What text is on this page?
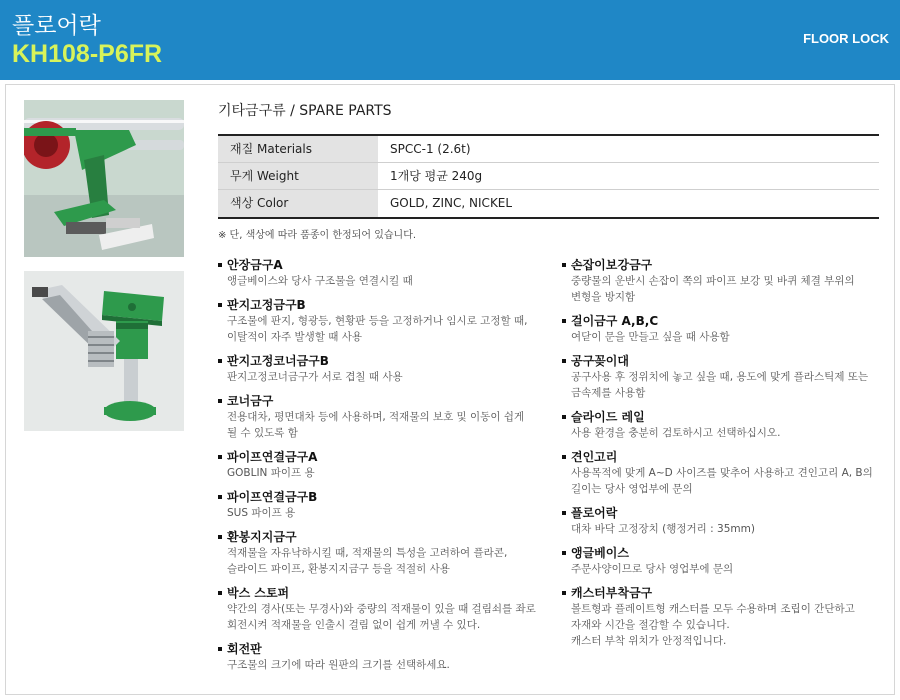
플로어락
KH108-P6FR
FLOOR LOCK
기타금구류 / SPARE PARTS
재질 Materials	SPCC-1 (2.6t)
무게 Weight	1개당 평균 240g
색상 Color	GOLD, ZINC, NICKEL
※ 단, 색상에 따라 품종이 한정되어 있습니다.
안장금구A
앵글베이스와 당사 구조물을 연결시킬 때
판지고정금구B
구조물에 판지, 형광등, 현황판 등을 고정하거나 임시로 고정할 때,
이탈적이 자주 발생할 때 사용
판지고정코너금구B
판지고정코너금구가 서로 겹칠 때 사용
코너금구
전용대차, 평면대차 등에 사용하며, 적재물의 보호 및 이동이 쉽게
될 수 있도록 함
파이프연결금구A
GOBLIN 파이프 용
파이프연결금구B
SUS 파이프 용
환봉지지금구
적재물을 자유낙하시킬 때, 적재물의 특성을 고려하여 플라콘,
슬라이드 파이프, 환봉지지금구 등을 적절히 사용
박스 스토퍼
약간의 경사(또는 무경사)와 중량의 적재물이 있을 때 걸림쇠를 좌로
회전시켜 적재물을 인출시 걸림 없이 쉽게 꺼낼 수 있다.
회전판
구조물의 크기에 따라 원판의 크기를 선택하세요.
손잡이보강금구
중량물의 운반시 손잡이 쪽의 파이프 보강 및 바퀴 체결 부위의
변형을 방지함
걸이금구 A,B,C
여닫이 문을 만들고 싶을 때 사용함
공구꽂이대
공구사용 후 정위치에 놓고 싶을 때, 용도에 맞게 플라스틱제 또는
금속제를 사용함
슬라이드 레일
사용 환경을 충분히 검토하시고 선택하십시오.
견인고리
사용목적에 맞게 A~D 사이즈를 맞추어 사용하고 견인고리 A, B의
길이는 당사 영업부에 문의
플로어락
대차 바닥 고정장치 (행정거리 : 35mm)
앵글베이스
주문사양이므로 당사 영업부에 문의
캐스터부착금구
볼트형과 플레이트형 캐스터를 모두 수용하며 조립이 간단하고
자재와 시간을 절감할 수 있습니다.
캐스터 부착 위치가 안정적입니다.
